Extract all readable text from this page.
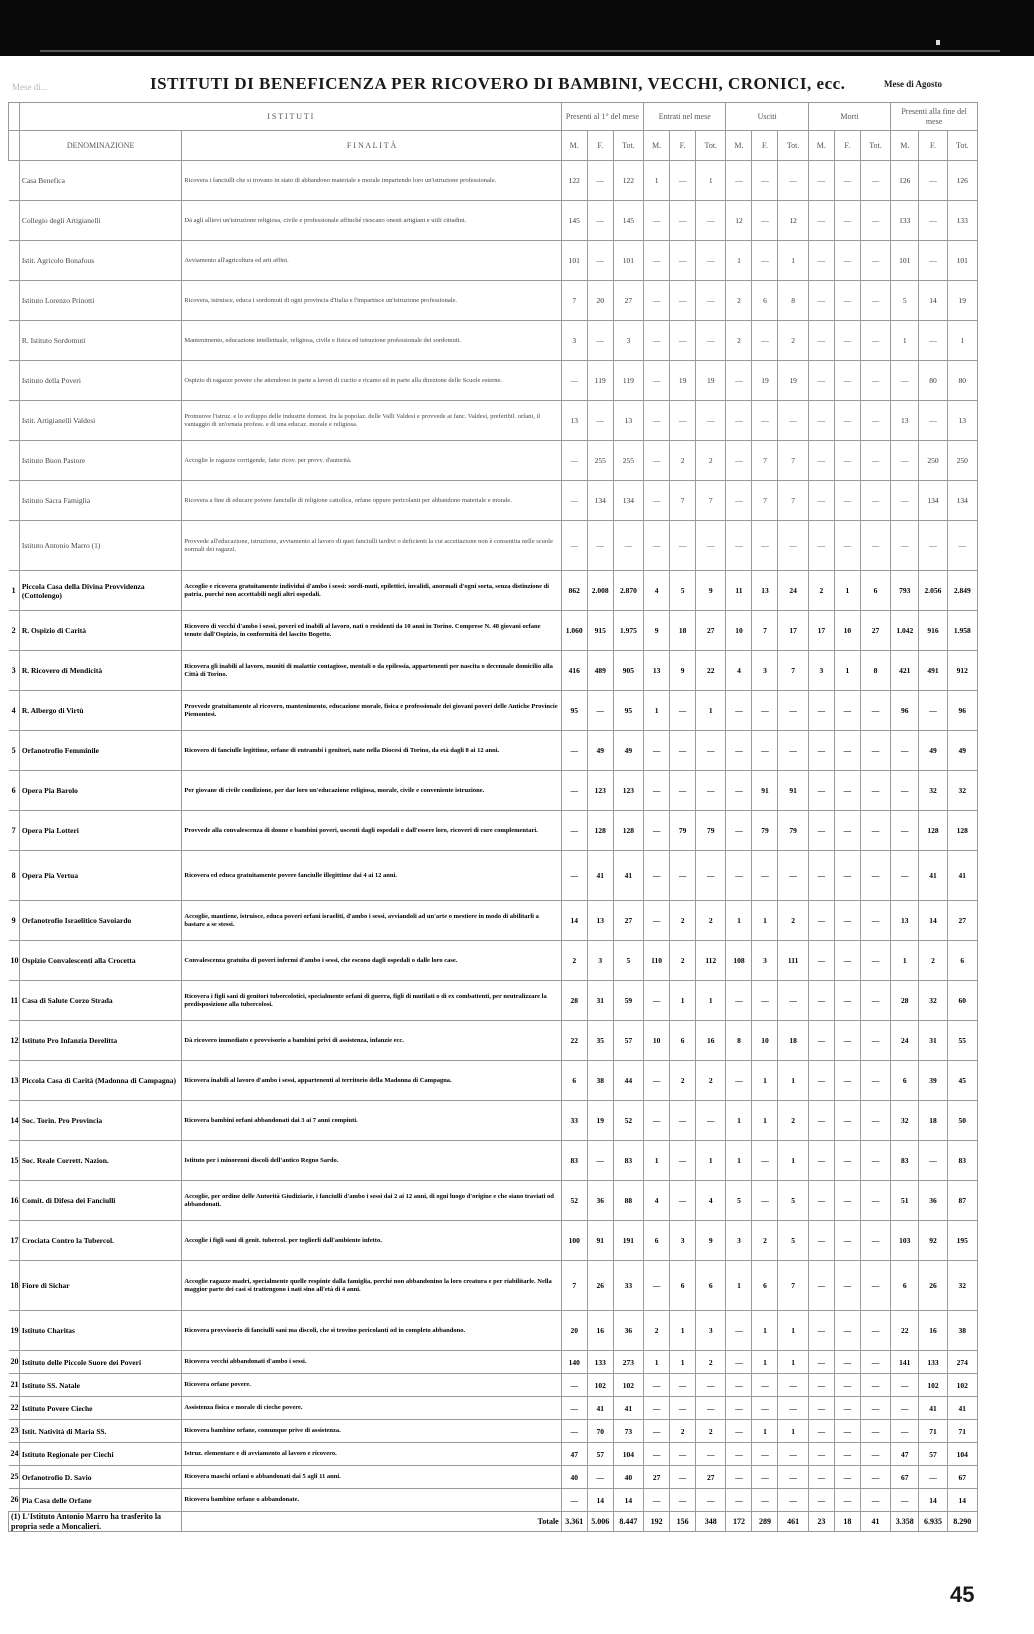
Mese di...	ISTITUTI DI BENEFICENZA PER RICOVERO DI BAMBINI, VECCHI, CRONICI, ecc.	Mese di Agosto
	I S T I T U T I		Presenti al 1° del mese			Entrati nel mese			Usciti			Morti			Presenti alla fine del mese		
	DENOMINAZIONE	F I N A L I T À	M.	F.	Tot.	M.	F.	Tot.	M.	F.	Tot.	M.	F.	Tot.	M.	F.	Tot.
	Casa Benefica	Ricovera i fanciulli che si trovano in stato di abbandono materiale e morale impartendo loro un'istruzione professionale.	122	—	122	1	—	1	—	—	—	—	—	—	126	—	126
	Collegio degli Artigianelli	Dà agli allievi un'istruzione religiosa, civile e professionale affinché riescano onesti artigiani e utili cittadini.	145	—	145	—	—	—	12	—	12	—	—	—	133	—	133
	Istit. Agricolo Bonafous	Avviamento all'agricoltura ed arti affini.	101	—	101	—	—	—	1	—	1	—	—	—	101	—	101
	Istituto Lorenzo Prinotti	Ricovera, istruisce, educa i sordomuti di ogni provincia d'Italia e l'impartisce un'istruzione professionale.	7	20	27	—	—	—	2	6	8	—	—	—	5	14	19
	R. Istituto Sordomuti	Mantenimento, educazione intellettuale, religiosa, civile e fisica ed istruzione professionale dei sordomuti.	3	—	3	—	—	—	2	—	2	—	—	—	1	—	1
	Istituto della Poveri	Ospizio di ragazze povere che attendono in parte a lavori di cucito e ricamo ed in parte alla direzione delle Scuole esterne.	—	119	119	—	19	19	—	19	19	—	—	—	—	80	80
	Istit. Artigianelli Valdesi	Promuove l'istruz. e lo sviluppo delle industrie domest. fra la popolaz. delle Valli Valdesi e provvede ai fanc. Valdesi, preferibil. orfani, il vantaggio di un'ornata profess. e di una educaz. morale e religiosa.	13	—	13	—	—	—	—	—	—	—	—	—	13	—	13
	Istituto Buon Pastore	Accoglie le ragazze corrigende, fatte ricov. per provv. d'autorità.	—	255	255	—	2	2	—	7	7	—	—	—	—	250	250
	Istituto Sacra Famiglia	Ricovera a fine di educare povere fanciulle di religione cattolica, orfane oppure pericolanti per abbandono materiale e morale.	—	134	134	—	7	7	—	7	7	—	—	—	—	134	134
	Istituto Antonio Marro (1)	Provvede all'educazione, istruzione, avviamento al lavoro di quei fanciulli tardivi o deficienti la cui accettazione non è consentita nelle scuole normali dei ragazzi.	—	—	—	—	—	—	—	—	—	—	—	—	—	—	—
1	Piccola Casa della Divina Provvidenza (Cottolengo)	Accoglie e ricovera gratuitamente individui d'ambo i sessi: sordi-muti, epilettici, invalidi, anormali d'ogni sorta, senza distinzione di patria, purché non accettabili negli altri ospedali.	862	2.008	2.870	4	5	9	11	13	24	2	1	6	793	2.056	2.849
2	R. Ospizio di Carità	Ricovero di vecchi d'ambo i sessi, poveri ed inabili al lavoro, nati o residenti da 10 anni in Torino. Comprese N. 48 giovani orfane tenute dall'Ospizio, in conformità del lascito Bogetto.	1.060	915	1.975	9	18	27	10	7	17	17	10	27	1.042	916	1.958
3	R. Ricovero di Mendicità	Ricovera gli inabili al lavoro, muniti di malattie contagiose, mentali o da epilessia, appartenenti per nascita o decennale domicilio alla Città di Torino.	416	489	905	13	9	22	4	3	7	3	1	8	421	491	912
4	R. Albergo di Virtù	Provvede gratuitamente al ricovero, mantenimento, educazione morale, fisica e professionale dei giovani poveri delle Antiche Provincie Piemontesi.	95	—	95	1	—	1	—	—	—	—	—	—	96	—	96
5	Orfanotrofio Femminile	Ricovero di fanciulle legittime, orfane di entrambi i genitori, nate nella Diocesi di Torino, da età dagli 8 ai 12 anni.	—	49	49	—	—	—	—	—	—	—	—	—	—	49	49
6	Opera Pia Barolo	Per giovane di civile condizione, per dar loro un'educazione religiosa, morale, civile e conveniente istruzione.	—	123	123	—	—	—	—	91	91	—	—	—	—	32	32
7	Opera Pia Lotteri	Provvede alla convalescenza di donne e bambini poveri, uscenti dagli ospedali e dall'essere loro, ricoveri di cure complementari.	—	128	128	—	79	79	—	79	79	—	—	—	—	128	128
8	Opera Pia Vertua	Ricovera ed educa gratuitamente povere fanciulle illegittime dai 4 ai 12 anni.	—	41	41	—	—	—	—	—	—	—	—	—	—	41	41
9	Orfanotrofio Israelitico Savoiardo	Accoglie, mantiene, istruisce, educa poveri orfani israeliti, d'ambo i sessi, avviandoli ad un'arte o mestiere in modo di abilitarli a bastare a se stessi.	14	13	27	—	2	2	1	1	2	—	—	—	13	14	27
10	Ospizio Convalescenti alla Crocetta	Convalescenza gratuita di poveri infermi d'ambo i sessi, che escono dagli ospedali o dalle loro case.	2	3	5	110	2	112	108	3	111	—	—	—	1	2	6
11	Casa di Salute Corzo Strada	Ricovera i figli sani di genitori tubercolotici, specialmente orfani di guerra, figli di mutilati o di ex combattenti, per neutralizzare la predisposizione alla tubercolosi.	28	31	59	—	1	1	—	—	—	—	—	—	28	32	60
12	Istituto Pro Infanzia Derelitta	Dà ricovero immediato e provvisorio a bambini privi di assistenza, infanzie ecc.	22	35	57	10	6	16	8	10	18	—	—	—	24	31	55
13	Piccola Casa di Carità (Madonna di Campagna)	Ricovera inabili al lavoro d'ambo i sessi, appartenenti al territorio della Madonna di Campagna.	6	38	44	—	2	2	—	1	1	—	—	—	6	39	45
14	Soc. Torin. Pro Provincia	Ricovera bambini orfani abbandonati dai 3 ai 7 anni compiuti.	33	19	52	—	—	—	1	1	2	—	—	—	32	18	50
15	Soc. Reale Corrett. Nazion.	Istituto per i minorenni discoli dell'antico Regno Sardo.	83	—	83	1	—	1	1	—	1	—	—	—	83	—	83
16	Comit. di Difesa dei Fanciulli	Accoglie, per ordine delle Autorità Giudiziarie, i fanciulli d'ambo i sessi dai 2 ai 12 anni, di ogni luogo d'origine e che siano traviati od abbandonati.	52	36	88	4	—	4	5	—	5	—	—	—	51	36	87
17	Crociata Contro la Tubercol.	Accoglie i figli sani di genit. tubercol. per toglierli dall'ambiente infetto.	100	91	191	6	3	9	3	2	5	—	—	—	103	92	195
18	Fiore di Sichar	Accoglie ragazze madri, specialmente quelle respinte dalla famiglia, perché non abbandonino la loro creatura e per riabilitarle. Nella maggior parte dei casi si trattengono i nati sino all'età di 4 anni.	7	26	33	—	6	6	1	6	7	—	—	—	6	26	32
19	Istituto Charitas	Ricovera provvisorio di fanciulli sani ma discoli, che si trovino pericolanti od in completo abbandono.	20	16	36	2	1	3	—	1	1	—	—	—	22	16	38
20	Istituto delle Piccole Suore dei Poveri	Ricovera vecchi abbandonati d'ambo i sessi.	140	133	273	1	1	2	—	1	1	—	—	—	141	133	274
21	Istituto SS. Natale	Ricovera orfane povere.	—	102	102	—	—	—	—	—	—	—	—	—	—	102	102
22	Istituto Povere Cieche	Assistenza fisica e morale di cieche povere.	—	41	41	—	—	—	—	—	—	—	—	—	—	41	41
23	Istit. Natività di Maria SS.	Ricovera bambine orfane, comunque prive di assistenza.	—	70	73	—	2	2	—	1	1	—	—	—	—	71	71
24	Istituto Regionale per Ciechi	Istruz. elementare e di avviamento al lavoro e ricovero.	47	57	104	—	—	—	—	—	—	—	—	—	47	57	104
25	Orfanotrofio D. Savio	Ricovera maschi orfani o abbandonati dai 5 agli 11 anni.	40	—	40	27	—	27	—	—	—	—	—	—	67	—	67
26	Pia Casa delle Orfane	Ricovera bambine orfane o abbandonate.	—	14	14	—	—	—	—	—	—	—	—	—	—	14	14
(1) L'Istituto Antonio Marro ha trasferito la propria sede a Moncalieri.		Totale	3.361	5.006	8.447	192	156	348	172	289	461	23	18	41	3.358	6.935	8.290
45
